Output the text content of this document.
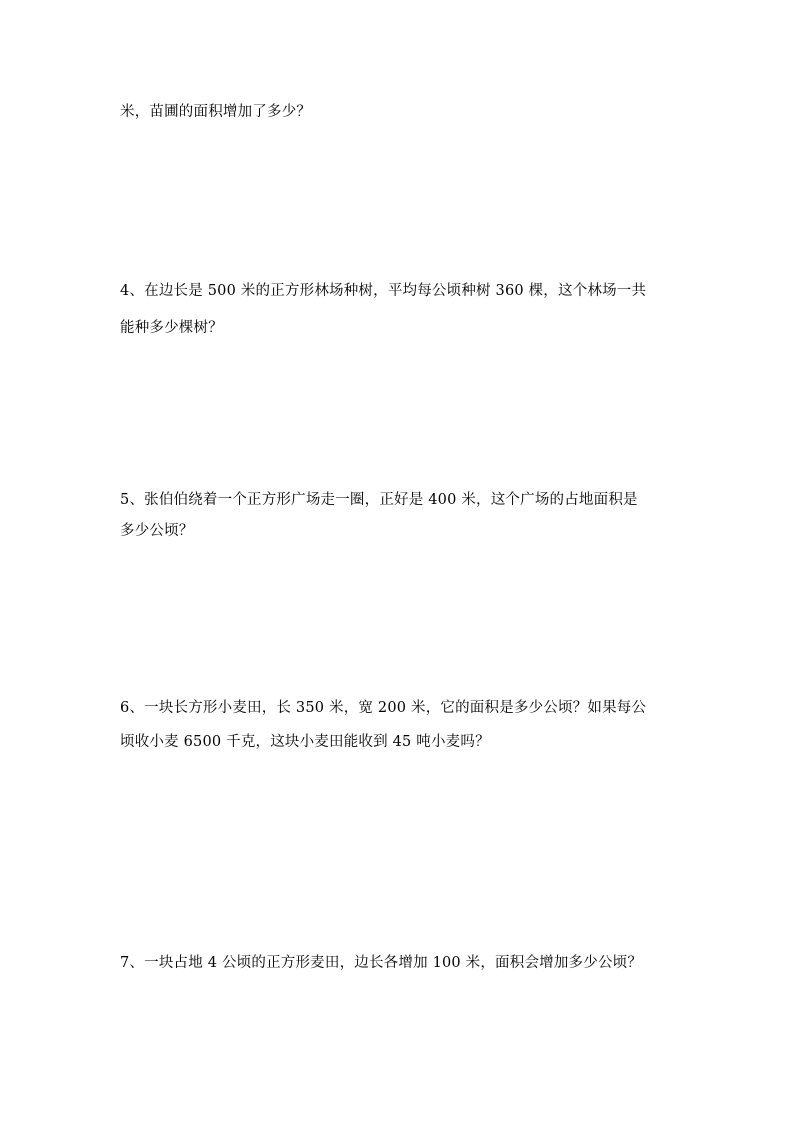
米，苗圃的面积增加了多少？
4、在边长是 500 米的正方形林场种树，平均每公顷种树 360 棵，这个林场一共
能种多少棵树？
5、张伯伯绕着一个正方形广场走一圈，正好是 400 米，这个广场的占地面积是
多少公顷？
6、一块长方形小麦田，长 350 米，宽 200 米，它的面积是多少公顷？如果每公
顷收小麦 6500 千克，这块小麦田能收到 45 吨小麦吗？
7、一块占地 4 公顷的正方形麦田，边长各增加 100 米，面积会增加多少公顷？
